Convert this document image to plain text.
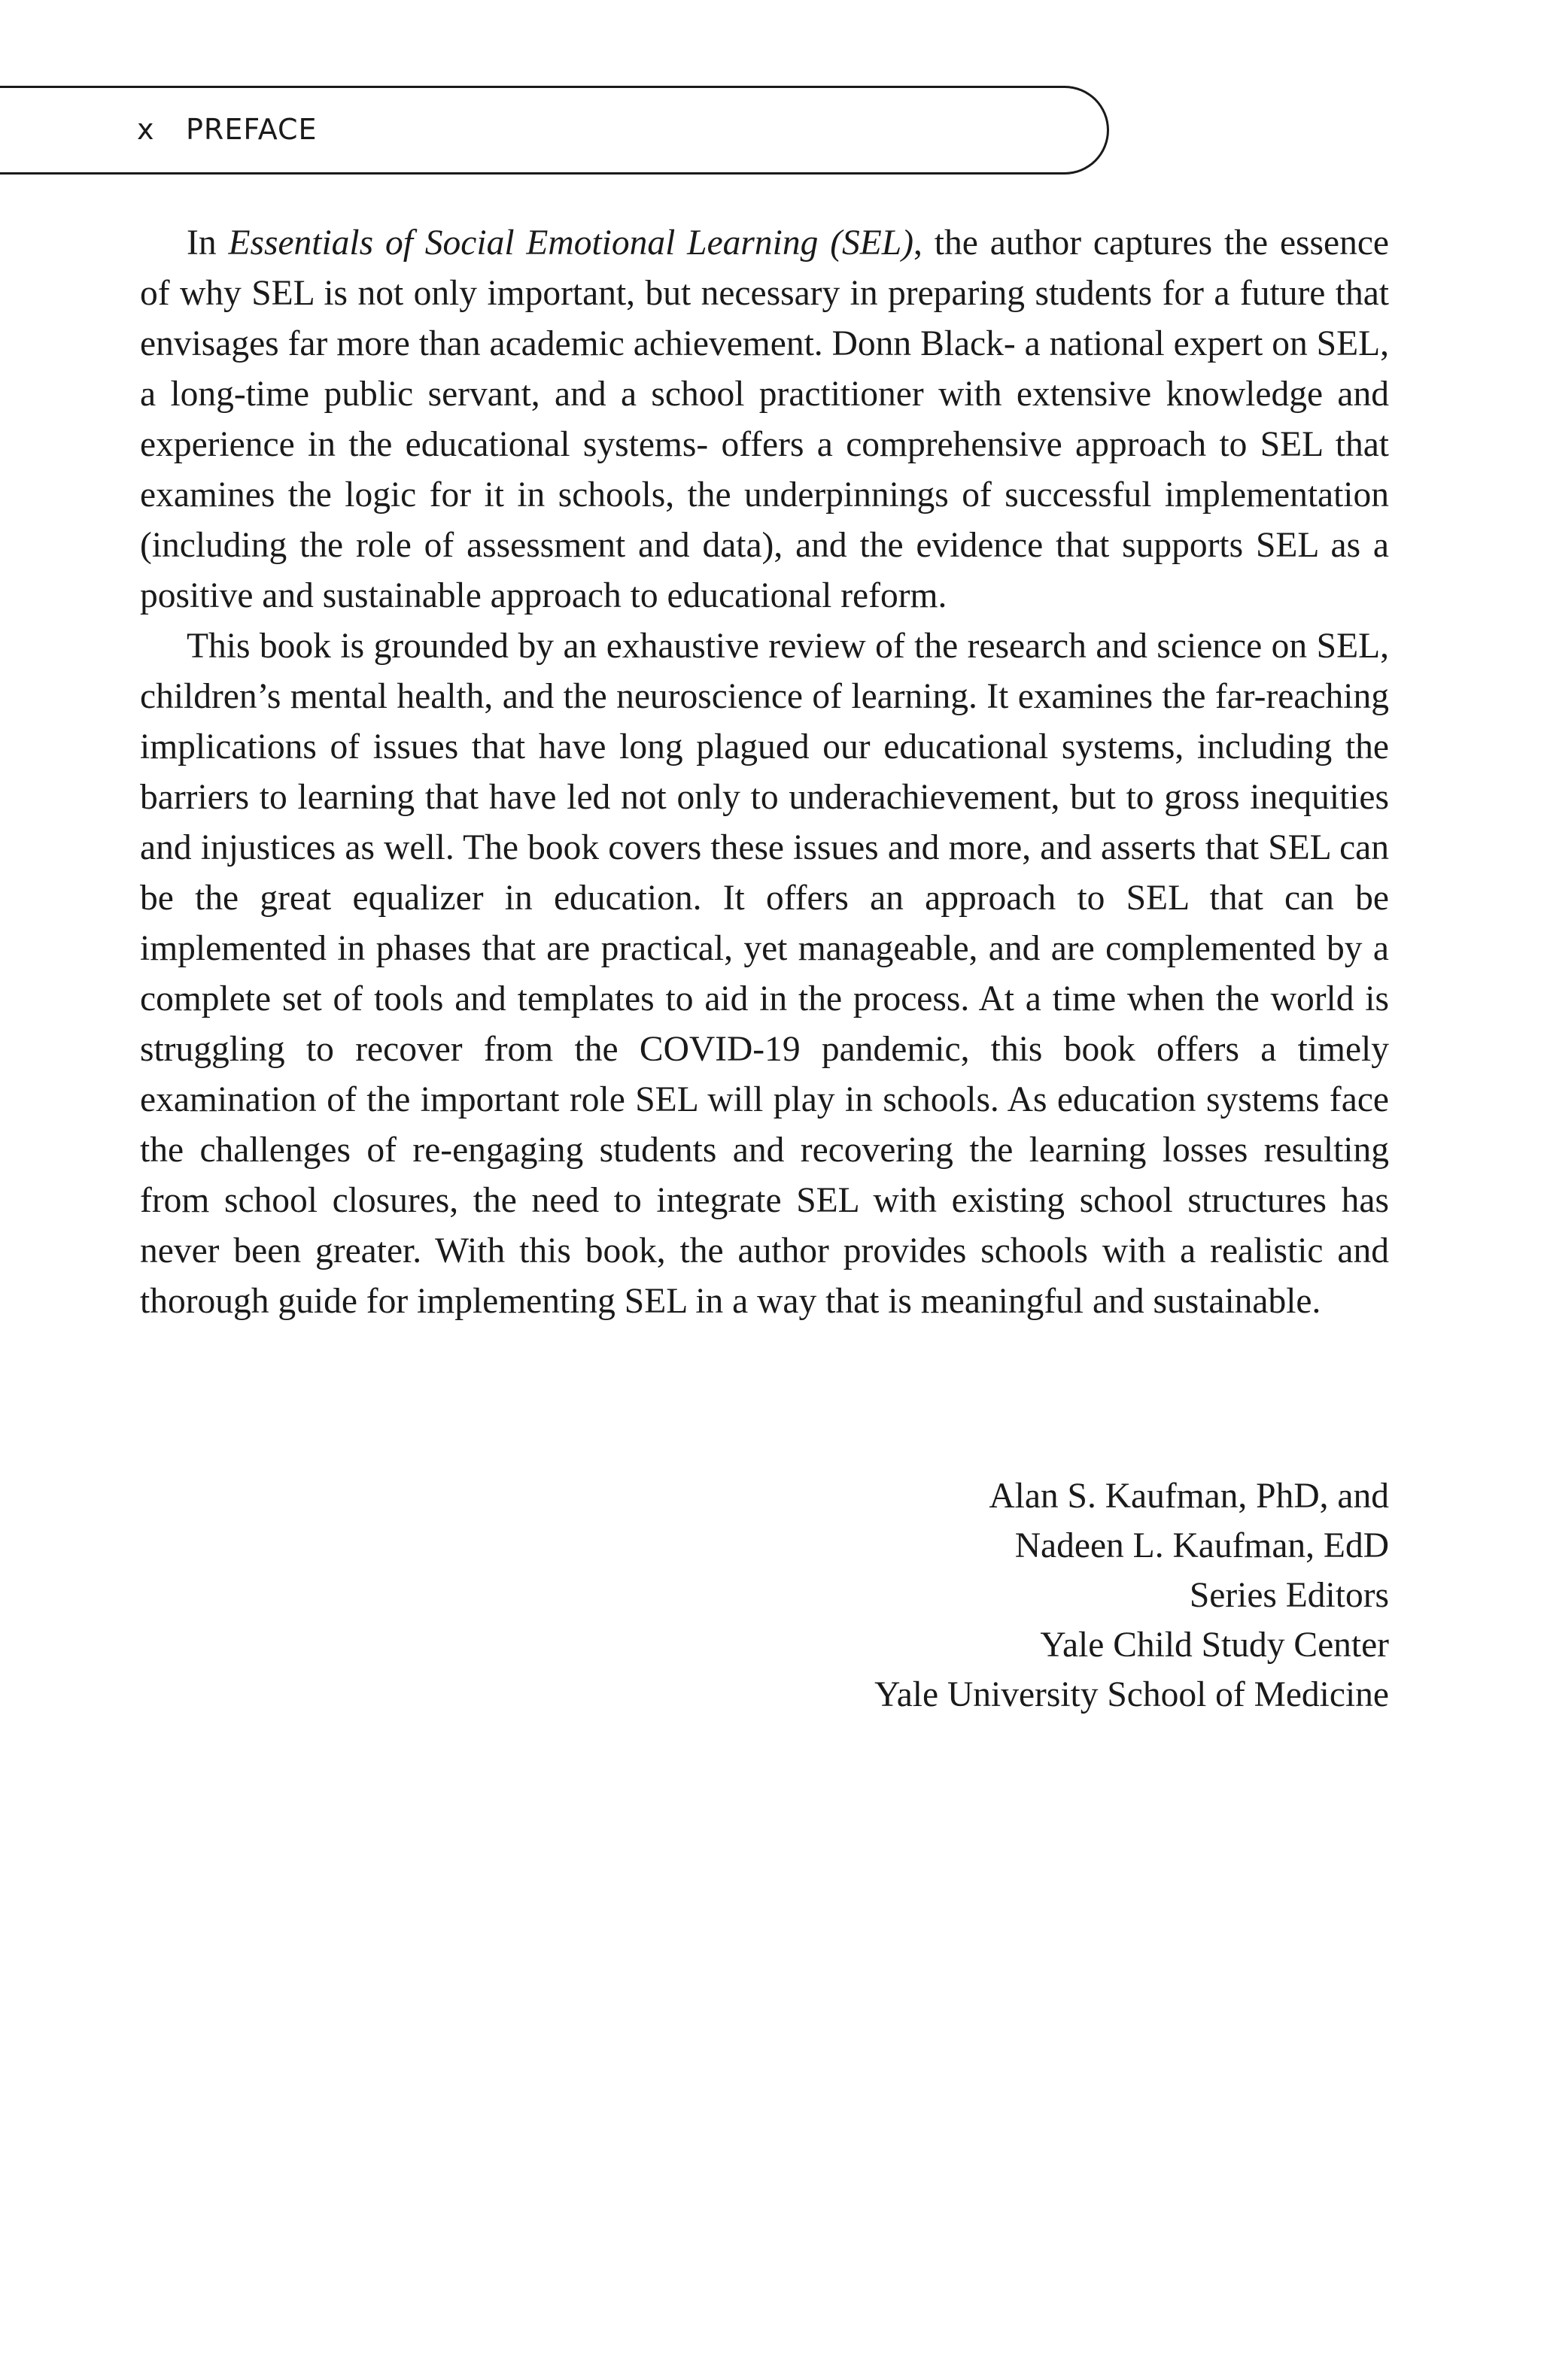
x PREFACE

In Essentials of Social Emotional Learning (SEL), the author captures the essence of why SEL is not only important, but necessary in preparing students for a future that envisages far more than academic achievement. Donn Black- a national expert on SEL, a long-time public servant, and a school practitioner with extensive knowledge and experience in the educational systems- offers a comprehensive approach to SEL that examines the logic for it in schools, the underpinnings of successful implementation (including the role of assessment and data), and the evidence that supports SEL as a positive and sustainable approach to educational reform.

This book is grounded by an exhaustive review of the research and science on SEL, children’s mental health, and the neuroscience of learning. It examines the far-reaching implications of issues that have long plagued our educational systems, including the barriers to learning that have led not only to underachievement, but to gross inequities and injustices as well. The book covers these issues and more, and asserts that SEL can be the great equalizer in education. It offers an approach to SEL that can be implemented in phases that are practical, yet manageable, and are complemented by a complete set of tools and templates to aid in the process. At a time when the world is struggling to recover from the COVID-19 pandemic, this book offers a timely examination of the important role SEL will play in schools. As education systems face the challenges of re-engaging students and recovering the learning losses resulting from school closures, the need to integrate SEL with existing school structures has never been greater. With this book, the author provides schools with a realistic and thorough guide for implementing SEL in a way that is meaningful and sustainable.

Alan S. Kaufman, PhD, and
Nadeen L. Kaufman, EdD
Series Editors
Yale Child Study Center
Yale University School of Medicine
